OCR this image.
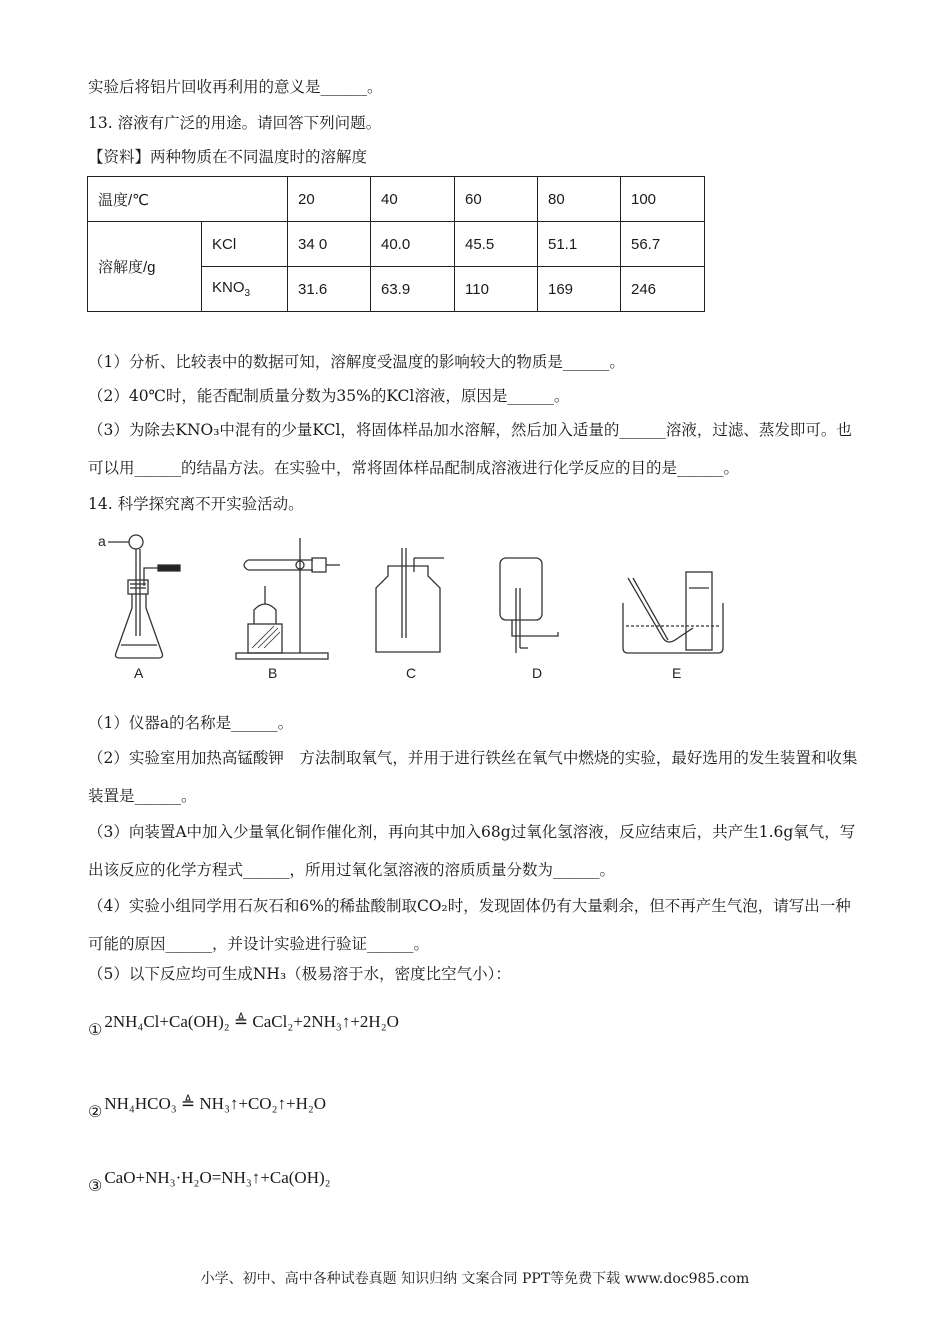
实验后将铝片回收再利用的意义是______。
13. 溶液有广泛的用途。请回答下列问题。
【资料】两种物质在不同温度时的溶解度
温度/℃		20	40	60	80	100
溶解度/g	KCl	34 0	40.0	45.5	51.1	56.7
	$KNO_3$	31.6	63.9	110	169	246
（1）分析、比较表中的数据可知，溶解度受温度的影响较大的物质是______。
（2）40℃时，能否配制质量分数为35%的KCl溶液，原因是______。
（3）为除去KNO₃中混有的少量KCl，将固体样品加水溶解，然后加入适量的______溶液，过滤、蒸发即可。也可以用______的结晶方法。在实验中，常将固体样品配制成溶液进行化学反应的目的是______。
14. 科学探究离不开实验活动。
a
A	B	C	D	E
（1）仪器a的名称是______。
（2）实验室用加热高锰酸钾　方法制取氧气，并用于进行铁丝在氧气中燃烧的实验，最好选用的发生装置和收集装置是______。
（3）向装置A中加入少量氧化铜作催化剂，再向其中加入68g过氧化氢溶液，反应结束后，共产生1.6g氧气，写出该反应的化学方程式______，所用过氧化氢溶液的溶质质量分数为______。
（4）实验小组同学用石灰石和6%的稀盐酸制取CO₂时，发现固体仍有大量剩余，但不再产生气泡，请写出一种可能的原因______，并设计实验进行验证______。
（5）以下反应均可生成NH₃（极易溶于水，密度比空气小）：
① 2NH₄Cl+Ca(OH)₂ ≜ CaCl₂+2NH₃↑+2H₂O
② NH₄HCO₃ ≜ NH₃↑+CO₂↑+H₂O
③ CaO+NH₃·H₂O=NH₃↑+Ca(OH)₂
小学、初中、高中各种试卷真题 知识归纳 文案合同 PPT等免费下载 www.doc985.com
